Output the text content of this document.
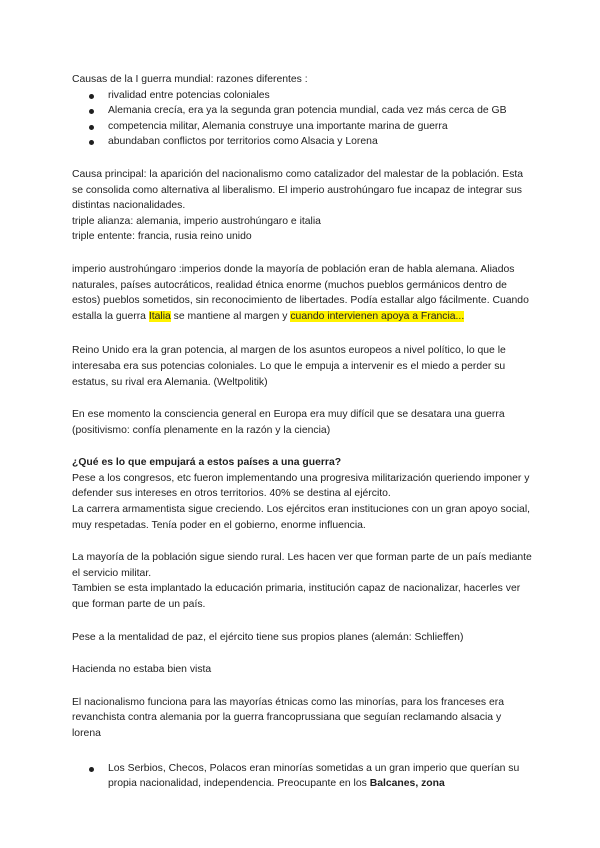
Causas de la I guerra mundial: razones diferentes :

rivalidad entre potencias coloniales
Alemania crecía, era ya la segunda gran potencia mundial, cada vez más cerca de GB
competencia militar, Alemania construye una importante marina de guerra
abundaban conflictos por territorios como Alsacia y Lorena

Causa principal: la aparición del nacionalismo como catalizador del malestar de la población. Esta se consolida como alternativa al liberalismo. El imperio austrohúngaro fue incapaz de integrar sus distintas nacionalidades.

triple alianza: alemania, imperio austrohúngaro e italia

triple entente: francia, rusia reino unido

imperio austrohúngaro :imperios donde la mayoría de población eran de habla alemana. Aliados naturales, países autocráticos, realidad étnica enorme (muchos pueblos germánicos dentro de estos) pueblos sometidos, sin reconocimiento de libertades. Podía estallar algo fácilmente. Cuando estalla la guerra Italia se mantiene al margen y cuando intervienen apoya a Francia...

Reino Unido era la gran potencia, al margen de los asuntos europeos a nivel político, lo que le interesaba era sus potencias coloniales. Lo que le empuja a intervenir es el miedo a perder su estatus, su rival era Alemania. (Weltpolitik)

En ese momento la consciencia general en Europa era muy difícil que se desatara una guerra (positivismo: confía plenamente en la razón y la ciencia)

¿Qué es lo que empujará a estos países a una guerra?

Pese a los congresos, etc fueron implementando una progresiva militarización queriendo imponer y defender sus intereses en otros territorios. 40% se destina al ejército.

La carrera armamentista sigue creciendo. Los ejércitos eran instituciones con un gran apoyo social, muy respetadas. Tenía poder en el gobierno, enorme influencia.

La mayoría de la población sigue siendo rural. Les hacen ver que forman parte de un país mediante el servicio militar.

Tambien se esta implantado la educación primaria, institución capaz de nacionalizar, hacerles ver que forman parte de un país.

Pese a la mentalidad de paz, el ejército tiene sus propios planes (alemán: Schlieffen)

Hacienda no estaba bien vista

El nacionalismo funciona para las mayorías étnicas como las minorías, para los franceses era revanchista contra alemania por la guerra francoprussiana que seguían reclamando alsacia y lorena

Los Serbios, Checos, Polacos eran minorías sometidas a un gran imperio que querían su propia nacionalidad, independencia. Preocupante en los Balcanes, zona
